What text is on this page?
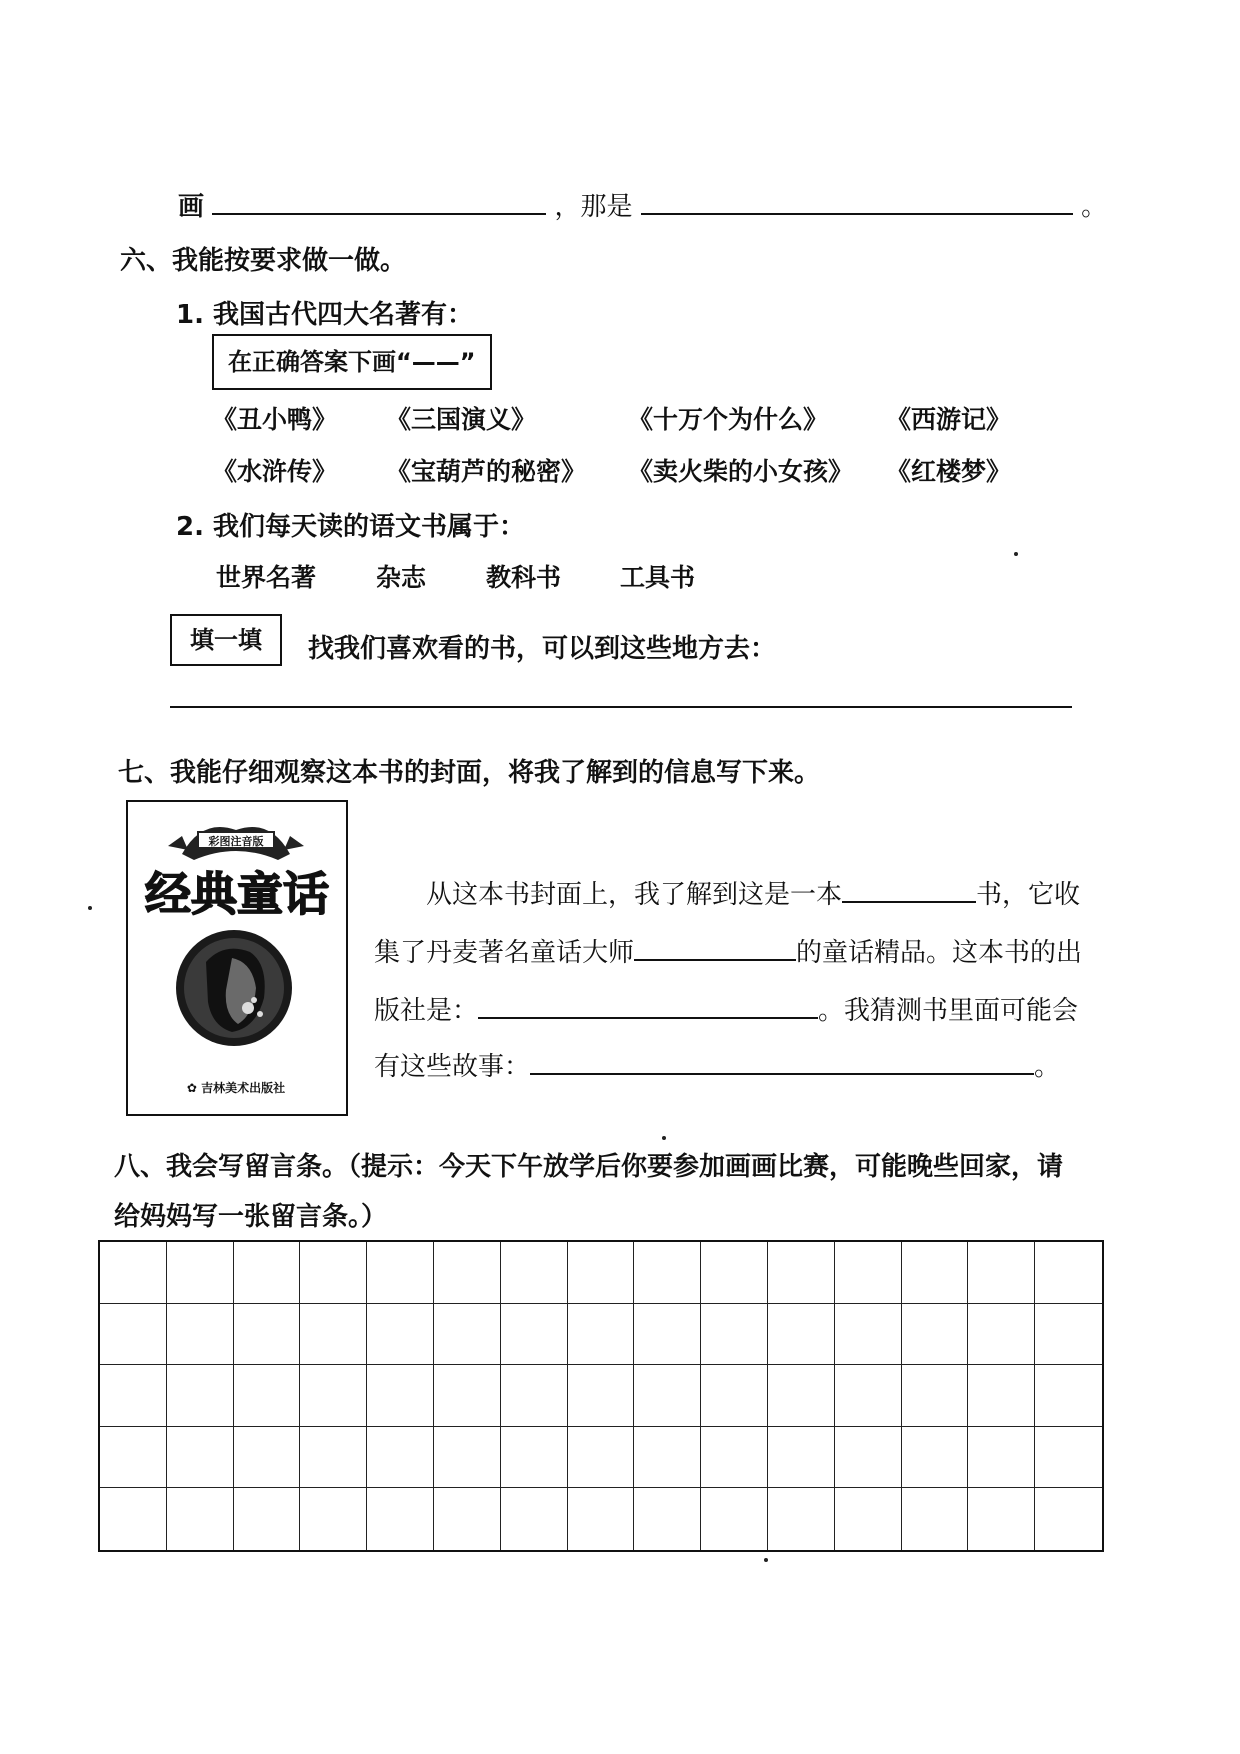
画	，那是	。
六、我能按要求做一做。
1. 我国古代四大名著有：
在正确答案下画“——”
《丑小鸭》 《三国演义》	《十万个为什么》 《西游记》
《水浒传》 《宝葫芦的秘密》 《卖火柴的小女孩》 《红楼梦》
2. 我们每天读的语文书属于：
世界名著 杂志 教科书 工具书
填一填	找我们喜欢看的书，可以到这些地方去：
七、我能仔细观察这本书的封面，将我了解到的信息写下来。
彩图注音版
经典童话
✿ 吉林美术出版社
从这本书封面上，我了解到这是一本	书，它收
集了丹麦著名童话大师	的童话精品。这本书的出
版社是：	。我猜测书里面可能会
有这些故事：	。
八、我会写留言条。（提示：今天下午放学后你要参加画画比赛，可能晚些回家，请
给妈妈写一张留言条。）
